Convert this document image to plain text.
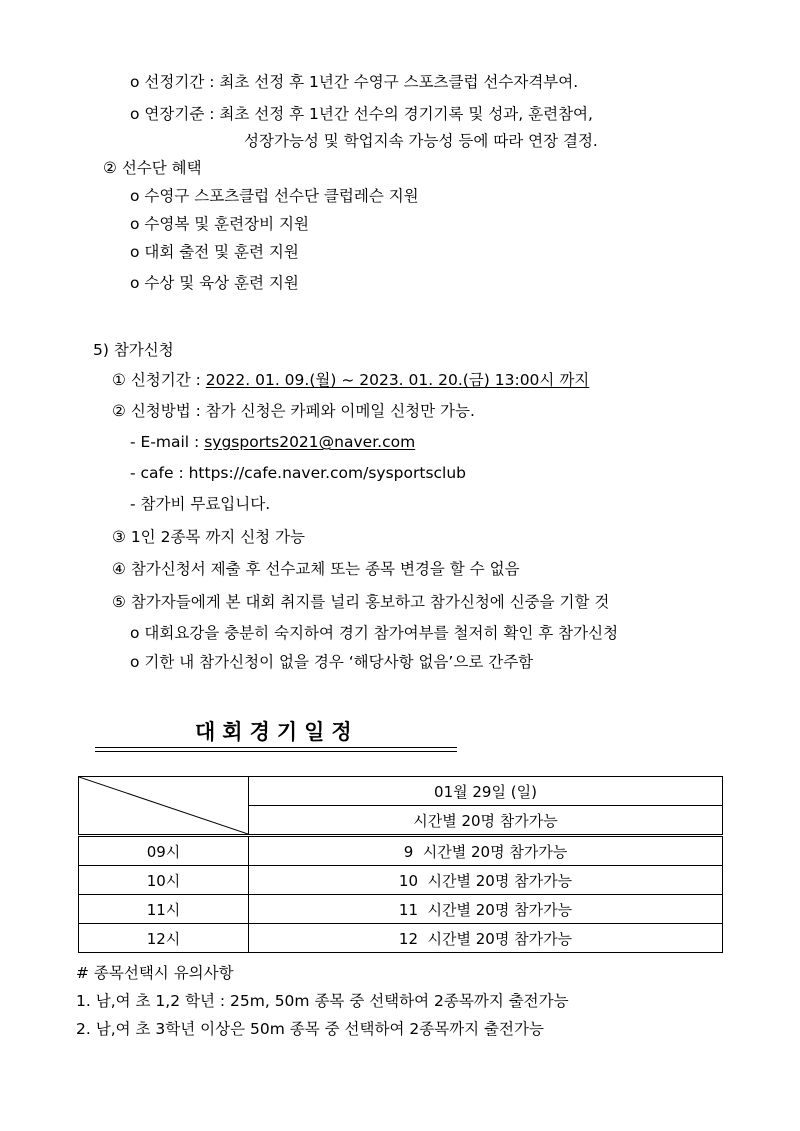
o 선정기간 : 최초 선정 후 1년간 수영구 스포츠클럽 선수자격부여.
o 연장기준 : 최초 선정 후 1년간 선수의 경기기록 및 성과, 훈련참여,
성장가능성 및 학업지속 가능성 등에 따라 연장 결정.
② 선수단 혜택
o 수영구 스포츠클럽 선수단 클럽레슨 지원
o 수영복 및 훈련장비 지원
o 대회 출전 및 훈련 지원
o 수상 및 육상 훈련 지원
5) 참가신청
① 신청기간 : 2022. 01. 09.(월) ~ 2023. 01. 20.(금) 13:00시 까지
② 신청방법 : 참가 신청은 카페와 이메일 신청만 가능.
- E-mail : sygsports2021@naver.com
- cafe : https://cafe.naver.com/sysportsclub
- 참가비 무료입니다.
③ 1인 2종목 까지 신청 가능
④ 참가신청서 제출 후 선수교체 또는 종목 변경을 할 수 없음
⑤ 참가자들에게 본 대회 취지를 널리 홍보하고 참가신청에 신중을 기할 것
o 대회요강을 충분히 숙지하여 경기 참가여부를 철저히 확인 후 참가신청
o 기한 내 참가신청이 없을 경우 ‘해당사항 없음’으로 간주함
대회경기일정
	01월 29일 (일)
	시간별 20명 참가가능
09시	9  시간별 20명 참가가능
10시	10  시간별 20명 참가가능
11시	11  시간별 20명 참가가능
12시	12  시간별 20명 참가가능
# 종목선택시 유의사항
1. 남,여 초 1,2 학년 : 25m, 50m 종목 중 선택하여 2종목까지 출전가능
2. 남,여 초 3학년 이상은 50m 종목 중 선택하여 2종목까지 출전가능
